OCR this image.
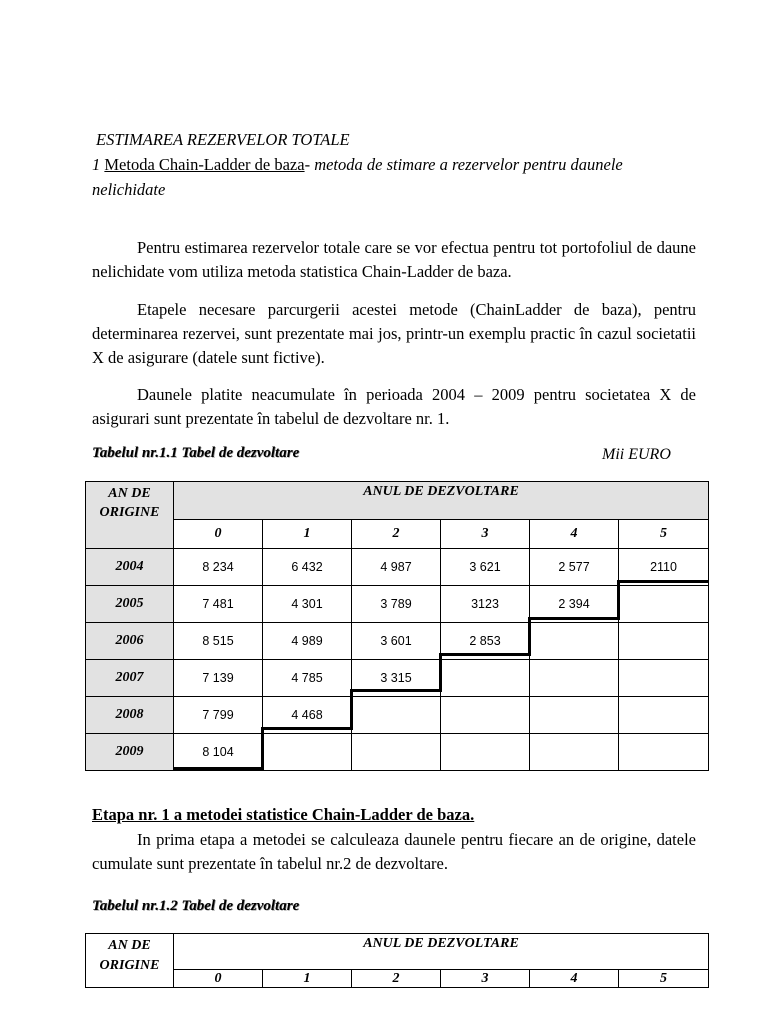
ESTIMAREA REZERVELOR TOTALE
1 Metoda Chain-Ladder de baza- metoda de stimare a rezervelor pentru daunele
nelichidate
Pentru estimarea rezervelor totale care se vor efectua pentru tot portofoliul de daune nelichidate vom utiliza metoda statistica Chain-Ladder de baza.
Etapele necesare parcurgerii acestei metode (ChainLadder de baza), pentru determinarea rezervei, sunt prezentate mai jos, printr-un exemplu practic în cazul societatii X de asigurare (datele sunt fictive).
Daunele platite neacumulate în perioada 2004 – 2009 pentru societatea X de asigurari sunt prezentate în tabelul de dezvoltare nr. 1.
Tabelul nr.1.1 Tabel de dezvoltare	Mii EURO
AN DE ORIGINE	ANUL DE DEZVOLTARE					
	0	1	2	3	4	5
2004	8 234	6 432	4 987	3 621	2 577	2110
2005	7 481	4 301	3 789	3123	2 394	
2006	8 515	4 989	3 601	2 853		
2007	7 139	4 785	3 315			
2008	7 799	4 468				
2009	8 104					
Etapa nr. 1 a metodei statistice Chain-Ladder de baza.
In prima etapa a metodei se calculeaza daunele pentru fiecare an de origine, datele cumulate sunt prezentate în tabelul nr.2 de dezvoltare.
Tabelul nr.1.2 Tabel de dezvoltare
AN DE ORIGINE	ANUL DE DEZVOLTARE					
	0	1	2	3	4	5
